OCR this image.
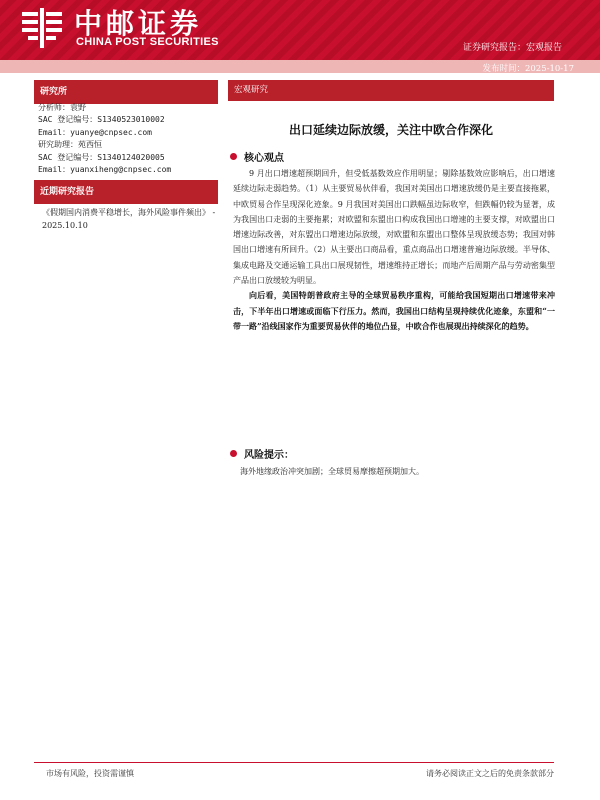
中邮证券
CHINA POST SECURITIES	证券研究报告：宏观报告
发布时间：2025-10-17
研究所
分析师：袁野
SAC 登记编号：S1340523010002
Email：yuanye@cnpsec.com
研究助理：苑西恒
SAC 登记编号：S1340124020005
Email：yuanxiheng@cnpsec.com
近期研究报告
《假期国内消费平稳增长，海外风险事件频出》 - 2025.10.10
宏观研究
出口延续边际放缓，关注中欧合作深化
核心观点

9 月出口增速超预期回升，但受低基数效应作用明显；剔除基数效应影响后，出口增速延续边际走弱趋势。（1）从主要贸易伙伴看，我国对美国出口增速放缓仍是主要直接拖累，中欧贸易合作呈现深化迹象。9 月我国对美国出口跌幅虽边际收窄，但跌幅仍较为显著，成为我国出口走弱的主要拖累；对欧盟和东盟出口构成我国出口增速的主要支撑，对欧盟出口增速边际改善，对东盟出口增速边际放缓，对欧盟和东盟出口整体呈现放缓态势；我国对韩国出口增速有所回升。（2）从主要出口商品看，重点商品出口增速普遍边际放缓。半导体、集成电路及交通运输工具出口展现韧性，增速维持正增长；而地产后周期产品与劳动密集型产品出口放缓较为明显。

向后看，美国特朗普政府主导的全球贸易秩序重构，可能给我国短期出口增速带来冲击，下半年出口增速或面临下行压力。然而，我国出口结构呈现持续优化迹象，东盟和“一带一路”沿线国家作为重要贸易伙伴的地位凸显，中欧合作也展现出持续深化的趋势。

风险提示：
海外地缘政治冲突加剧；全球贸易摩擦超预期加大。
市场有风险，投资需谨慎	请务必阅读正文之后的免责条款部分
